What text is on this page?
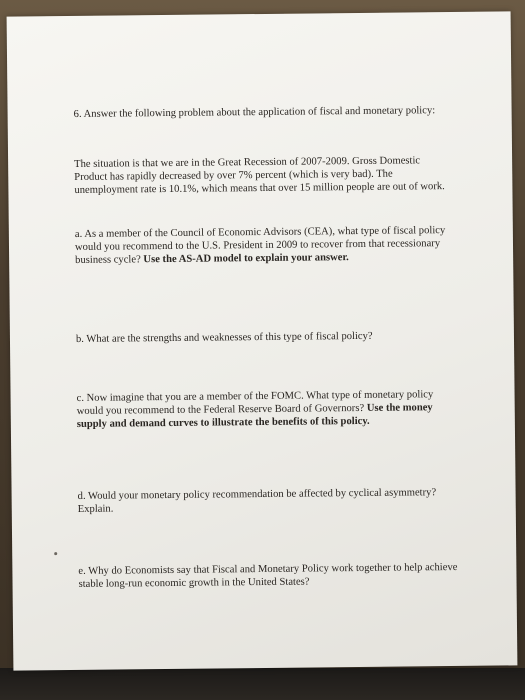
6. Answer the following problem about the application of fiscal and monetary policy:

The situation is that we are in the Great Recession of 2007-2009. Gross Domestic Product has rapidly decreased by over 7% percent (which is very bad). The unemployment rate is 10.1%, which means that over 15 million people are out of work.

a. As a member of the Council of Economic Advisors (CEA), what type of fiscal policy would you recommend to the U.S. President in 2009 to recover from that recessionary business cycle? Use the AS-AD model to explain your answer.

b. What are the strengths and weaknesses of this type of fiscal policy?

c. Now imagine that you are a member of the FOMC. What type of monetary policy would you recommend to the Federal Reserve Board of Governors? Use the money supply and demand curves to illustrate the benefits of this policy.

d. Would your monetary policy recommendation be affected by cyclical asymmetry? Explain.

e. Why do Economists say that Fiscal and Monetary Policy work together to help achieve stable long-run economic growth in the United States?
